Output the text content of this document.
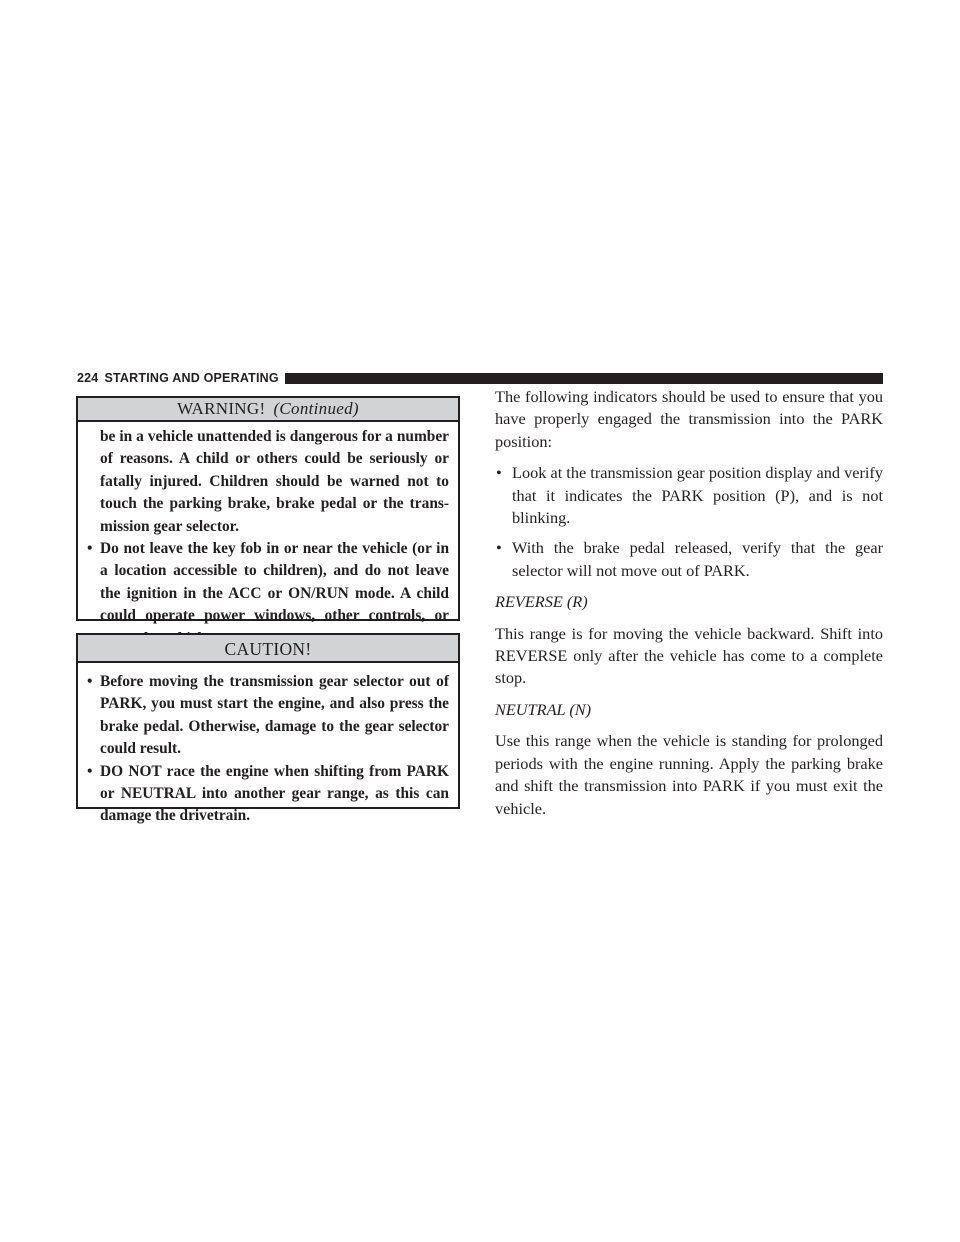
224 STARTING AND OPERATING
WARNING! (Continued)

be in a vehicle unattended is dangerous for a number of reasons. A child or others could be seriously or fatally injured. Children should be warned not to touch the parking brake, brake pedal or the trans-mission gear selector.

• Do not leave the key fob in or near the vehicle (or in a location accessible to children), and do not leave the ignition in the ACC or ON/RUN mode. A child could operate power windows, other controls, or
CAUTION!
• Before moving the transmission gear selector out of PARK, you must start the engine, and also press the brake pedal. Otherwise, damage to the gear selector could result.
• DO NOT race the engine when shifting from PARK or NEUTRAL into another gear range, as this can damage the drivetrain.

The following indicators should be used to ensure that you have properly engaged the transmission into the PARK position:

• Look at the transmission gear position display and verify that it indicates the PARK position (P), and is not blinking.
• With the brake pedal released, verify that the gear selector will not move out of PARK.

REVERSE (R)

This range is for moving the vehicle backward. Shift into REVERSE only after the vehicle has come to a complete stop.

NEUTRAL (N)

Use this range when the vehicle is standing for prolonged periods with the engine running. Apply the parking brake and shift the transmission into PARK if you must exit the vehicle.
